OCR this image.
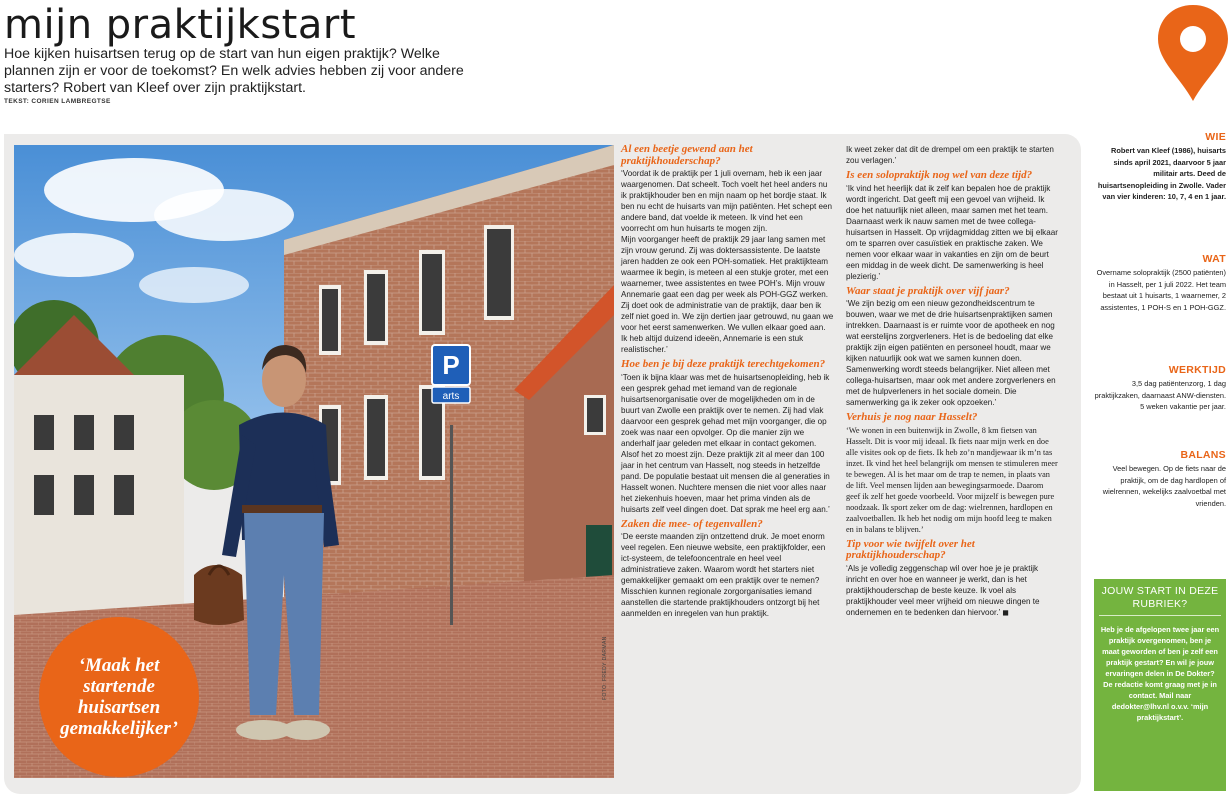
mijn praktijkstart

Hoe kijken huisartsen terug op de start van hun eigen praktijk? Welke plannen zijn er voor de toekomst? En welk advies hebben zij voor andere starters? Robert van Kleef over zijn praktijkstart.

TEKST: CORIEN LAMBREGTSE

P
arts
FOTO: FREDY DARMAN
‘Maak het startende huisartsen gemakkelijker’
Al een beetje gewend aan het praktijkhouderschap?

‘Voordat ik de praktijk per 1 juli overnam, heb ik een jaar waargenomen. Dat scheelt. Toch voelt het heel anders nu ik praktijkhouder ben en mijn naam op het bordje staat. Ik ben nu echt de huisarts van mijn patiënten. Het schept een andere band, dat voelde ik meteen. Ik vind het een voorrecht om hun huisarts te mogen zijn.

Mijn voorganger heeft de praktijk 29 jaar lang samen met zijn vrouw gerund. Zij was doktersassistente. De laatste jaren hadden ze ook een POH-somatiek. Het praktijkteam waarmee ik begin, is meteen al een stukje groter, met een waarnemer, twee assistentes en twee POH’s. Mijn vrouw Annemarie gaat een dag per week als POH-GGZ werken. Zij doet ook de administratie van de praktijk, daar ben ik zelf niet goed in. We zijn dertien jaar getrouwd, nu gaan we voor het eerst samenwerken. We vullen elkaar goed aan. Ik heb altijd duizend ideeën, Annemarie is een stuk realistischer.’

Hoe ben je bij deze praktijk terechtgekomen?

‘Toen ik bijna klaar was met de huisartsenopleiding, heb ik een gesprek gehad met iemand van de regionale huisartsenorganisatie over de mogelijkheden om in de buurt van Zwolle een praktijk over te nemen. Zij had vlak daarvoor een gesprek gehad met mijn voorganger, die op zoek was naar een opvolger. Op die manier zijn we anderhalf jaar geleden met elkaar in contact gekomen. Alsof het zo moest zijn. Deze praktijk zit al meer dan 100 jaar in het centrum van Hasselt, nog steeds in hetzelfde pand. De populatie bestaat uit mensen die al generaties in Hasselt wonen. Nuchtere mensen die niet voor alles naar het ziekenhuis hoeven, maar het prima vinden als de huisarts zelf veel dingen doet. Dat sprak me heel erg aan.’

Zaken die mee- of tegenvallen?

‘De eerste maanden zijn ontzettend druk. Je moet enorm veel regelen. Een nieuwe website, een praktijkfolder, een ict-systeem, de telefooncentrale en heel veel administratieve zaken. Waarom wordt het starters niet gemakkelijker gemaakt om een praktijk over te nemen? Misschien kunnen regionale zorgorganisaties iemand aanstellen die startende praktijkhouders ontzorgt bij het aanmelden en inregelen van hun praktijk.

Ik weet zeker dat dit de drempel om een praktijk te starten zou verlagen.’

Is een solopraktijk nog wel van deze tijd?

‘Ik vind het heerlijk dat ik zelf kan bepalen hoe de praktijk wordt ingericht. Dat geeft mij een gevoel van vrijheid. Ik doe het natuurlijk niet alleen, maar samen met het team. Daarnaast werk ik nauw samen met de twee collega-huisartsen in Hasselt. Op vrijdagmiddag zitten we bij elkaar om te sparren over casuïstiek en praktische zaken. We nemen voor elkaar waar in vakanties en zijn om de beurt een middag in de week dicht. De samenwerking is heel plezierig.’

Waar staat je praktijk over vijf jaar?

‘We zijn bezig om een nieuw gezondheidscentrum te bouwen, waar we met de drie huisartsenpraktijken samen intrekken. Daarnaast is er ruimte voor de apotheek en nog wat eerstelijns zorgverleners. Het is de bedoeling dat elke praktijk zijn eigen patiënten en personeel houdt, maar we kijken natuurlijk ook wat we samen kunnen doen. Samenwerking wordt steeds belangrijker. Niet alleen met collega-huisartsen, maar ook met andere zorgverleners en met de hulpverleners in het sociale domein. Die samenwerking ga ik zeker ook opzoeken.’

Verhuis je nog naar Hasselt?

‘We wonen in een buitenwijk in Zwolle, 8 km fietsen van Hasselt. Dit is voor mij ideaal. Ik fiets naar mijn werk en doe alle visites ook op de fiets. Ik heb zo’n mandjewaar ik m’n tas inzet. Ik vind het heel belangrijk om mensen te stimuleren meer te bewegen. Al is het maar om de trap te nemen, in plaats van de lift. Veel mensen lijden aan bewegingsarmoede. Daarom geef ik zelf het goede voorbeeld. Voor mijzelf is bewegen pure noodzaak. Ik sport zeker om de dag: wielrennen, hardlopen en zaalvoetballen. Ik heb het nodig om mijn hoofd leeg te maken en in balans te blijven.’

Tip voor wie twijfelt over het praktijkhouderschap?

‘Als je volledig zeggenschap wil over hoe je je praktijk inricht en over hoe en wanneer je werkt, dan is het praktijkhouderschap de beste keuze. Ik voel als praktijkhouder veel meer vrijheid om nieuwe dingen te ondernemen en te bedenken dan hiervoor.’ ◼

WIE

Robert van Kleef (1986), huisarts sinds april 2021, daarvoor 5 jaar militair arts. Deed de huisartsenopleiding in Zwolle. Vader van vier kinderen: 10, 7, 4 en 1 jaar.

WAT

Overname solopraktijk (2500 patiënten) in Hasselt, per 1 juli 2022. Het team bestaat uit 1 huisarts, 1 waarnemer, 2 assistentes, 1 POH-S en 1 POH-GGZ.

WERKTIJD

3,5 dag patiëntenzorg, 1 dag praktijkzaken, daarnaast ANW-diensten. 5 weken vakantie per jaar.

BALANS

Veel bewegen. Op de fiets naar de praktijk, om de dag hardlopen of wielrennen, wekelijks zaalvoetbal met vrienden.

JOUW START IN DEZE RUBRIEK?
Heb je de afgelopen twee jaar een praktijk overgenomen, ben je maat geworden of ben je zelf een praktijk gestart? En wil je jouw ervaringen delen in De Dokter? De redactie komt graag met je in contact. Mail naar dedokter@lhv.nl o.v.v. ‘mijn praktijkstart’.
